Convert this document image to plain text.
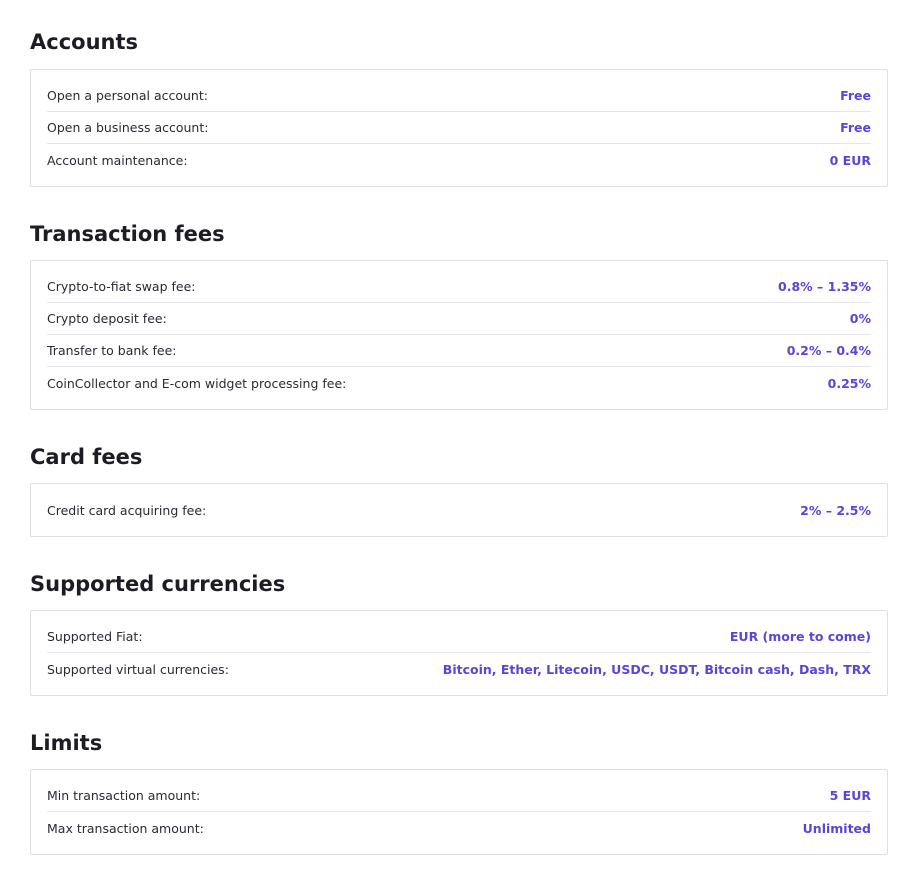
Accounts
Open a personal account:	Free
Open a business account:	Free
Account maintenance:	0 EUR
Transaction fees
Crypto-to-fiat swap fee:	0.8% – 1.35%
Crypto deposit fee:	0%
Transfer to bank fee:	0.2% – 0.4%
CoinCollector and E-com widget processing fee:	0.25%
Card fees
Credit card acquiring fee:	2% – 2.5%
Supported currencies
Supported Fiat:	EUR (more to come)
Supported virtual currencies:	Bitcoin, Ether, Litecoin, USDC, USDT, Bitcoin cash, Dash, TRX
Limits
Min transaction amount:	5 EUR
Max transaction amount:	Unlimited
